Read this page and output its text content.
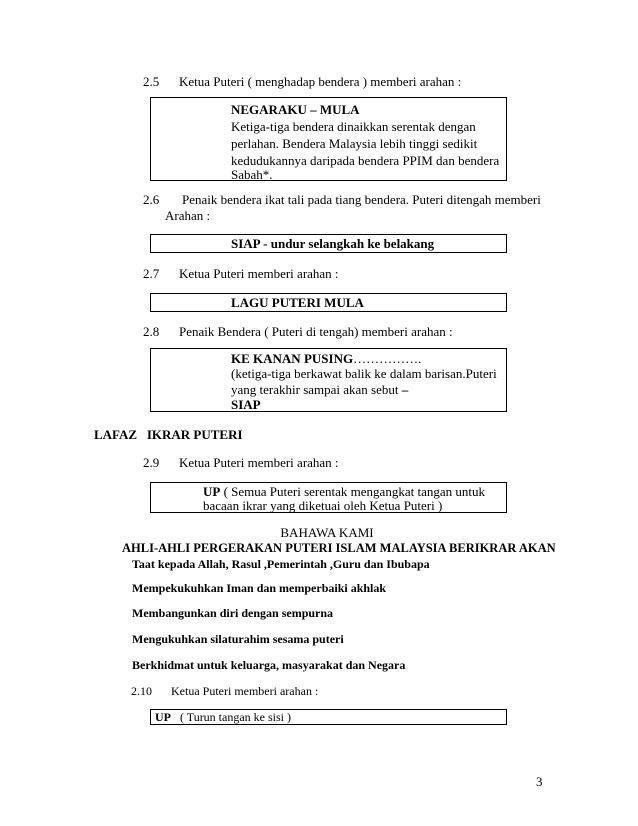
2.5 Ketua Puteri ( menghadap bendera ) memberi arahan :
NEGARAKU – MULA
Ketiga-tiga bendera dinaikkan serentak dengan
perlahan. Bendera Malaysia lebih tinggi sedikit
kedudukannya daripada bendera PPIM dan bendera
Sabah*.
2.6 Penaik bendera ikat tali pada tiang bendera. Puteri ditengah memberi
Arahan :
SIAP - undur selangkah ke belakang
2.7 Ketua Puteri memberi arahan :
LAGU PUTERI MULA
2.8 Penaik Bendera ( Puteri di tengah) memberi arahan :
KE KANAN PUSING…………….
(ketiga-tiga berkawat balik ke dalam barisan.Puteri
yang terakhir sampai akan sebut –
SIAP
LAFAZ   IKRAR PUTERI
2.9 Ketua Puteri memberi arahan :
UP ( Semua Puteri serentak mengangkat tangan untuk
bacaan ikrar yang diketuai oleh Ketua Puteri )
BAHAWA KAMI
AHLI-AHLI PERGERAKAN PUTERI ISLAM MALAYSIA BERIKRAR AKAN
Taat kepada Allah, Rasul ,Pemerintah ,Guru dan Ibubapa
Mempekukuhkan Iman dan memperbaiki akhlak
Membangunkan diri dengan sempurna
Mengukuhkan silaturahim sesama puteri
Berkhidmat untuk keluarga, masyarakat dan Negara
2.10 Ketua Puteri memberi arahan :
UP   ( Turun tangan ke sisi )
3
